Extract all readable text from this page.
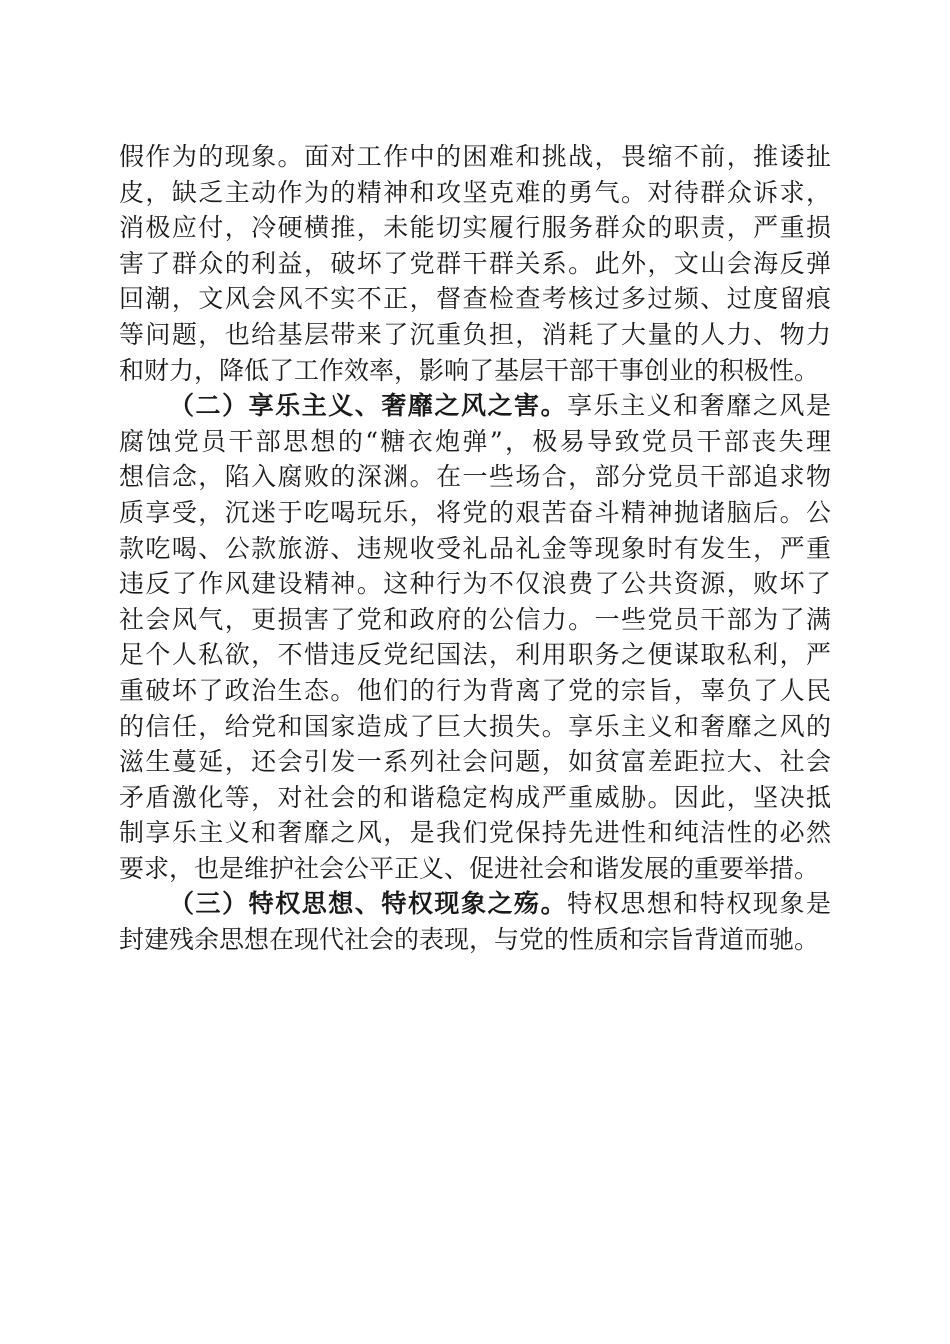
假作为的现象。面对工作中的困难和挑战，畏缩不前，推诿扯
皮，缺乏主动作为的精神和攻坚克难的勇气。对待群众诉求，
消极应付，冷硬横推，未能切实履行服务群众的职责，严重损
害了群众的利益，破坏了党群干群关系。此外，文山会海反弹
回潮，文风会风不实不正，督查检查考核过多过频、过度留痕
等问题，也给基层带来了沉重负担，消耗了大量的人力、物力
和财力，降低了工作效率，影响了基层干部干事创业的积极性。
（二）享乐主义、奢靡之风之害。享乐主义和奢靡之风是
腐蚀党员干部思想的“糖衣炮弹”，极易导致党员干部丧失理
想信念，陷入腐败的深渊。在一些场合，部分党员干部追求物
质享受，沉迷于吃喝玩乐，将党的艰苦奋斗精神抛诸脑后。公
款吃喝、公款旅游、违规收受礼品礼金等现象时有发生，严重
违反了作风建设精神。这种行为不仅浪费了公共资源，败坏了
社会风气，更损害了党和政府的公信力。一些党员干部为了满
足个人私欲，不惜违反党纪国法，利用职务之便谋取私利，严
重破坏了政治生态。他们的行为背离了党的宗旨，辜负了人民
的信任，给党和国家造成了巨大损失。享乐主义和奢靡之风的
滋生蔓延，还会引发一系列社会问题，如贫富差距拉大、社会
矛盾激化等，对社会的和谐稳定构成严重威胁。因此，坚决抵
制享乐主义和奢靡之风，是我们党保持先进性和纯洁性的必然
要求，也是维护社会公平正义、促进社会和谐发展的重要举措。
（三）特权思想、特权现象之殇。特权思想和特权现象是
封建残余思想在现代社会的表现，与党的性质和宗旨背道而驰。
